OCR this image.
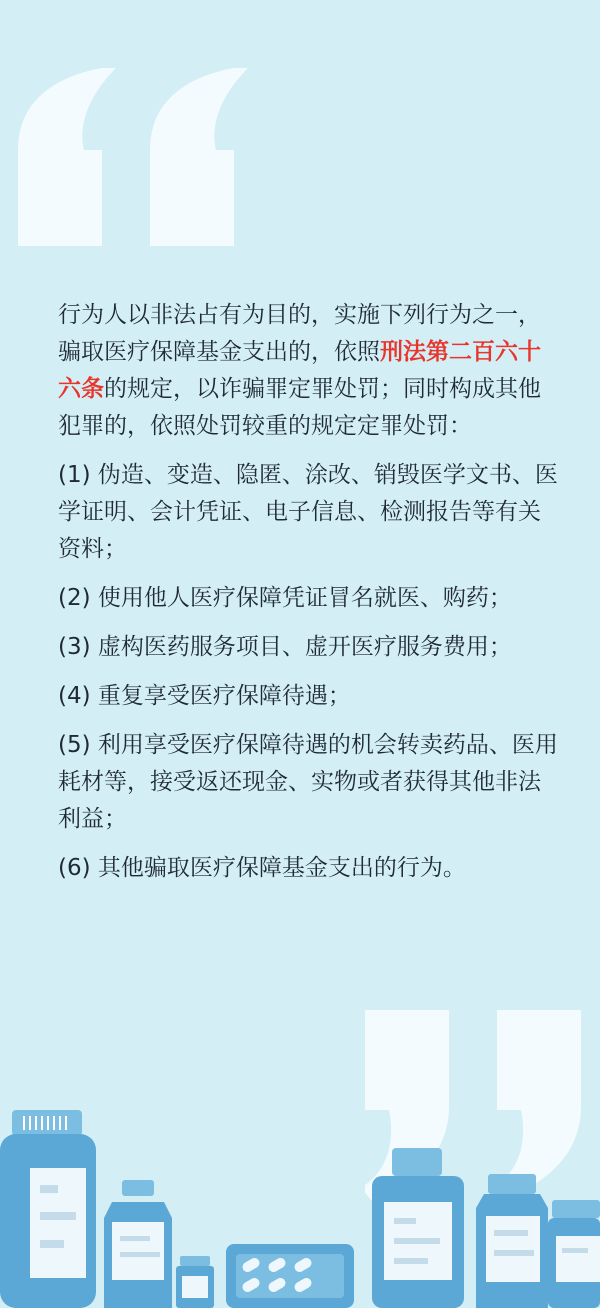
行为人以非法占有为目的，实施下列行为之一，骗取医疗保障基金支出的，依照刑法第二百六十六条的规定，以诈骗罪定罪处罚；同时构成其他犯罪的，依照处罚较重的规定定罪处罚：

(1) 伪造、变造、隐匿、涂改、销毁医学文书、医学证明、会计凭证、电子信息、检测报告等有关资料；

(2) 使用他人医疗保障凭证冒名就医、购药；

(3) 虚构医药服务项目、虚开医疗服务费用；

(4) 重复享受医疗保障待遇；

(5) 利用享受医疗保障待遇的机会转卖药品、医用耗材等，接受返还现金、实物或者获得其他非法利益；

(6) 其他骗取医疗保障基金支出的行为。
